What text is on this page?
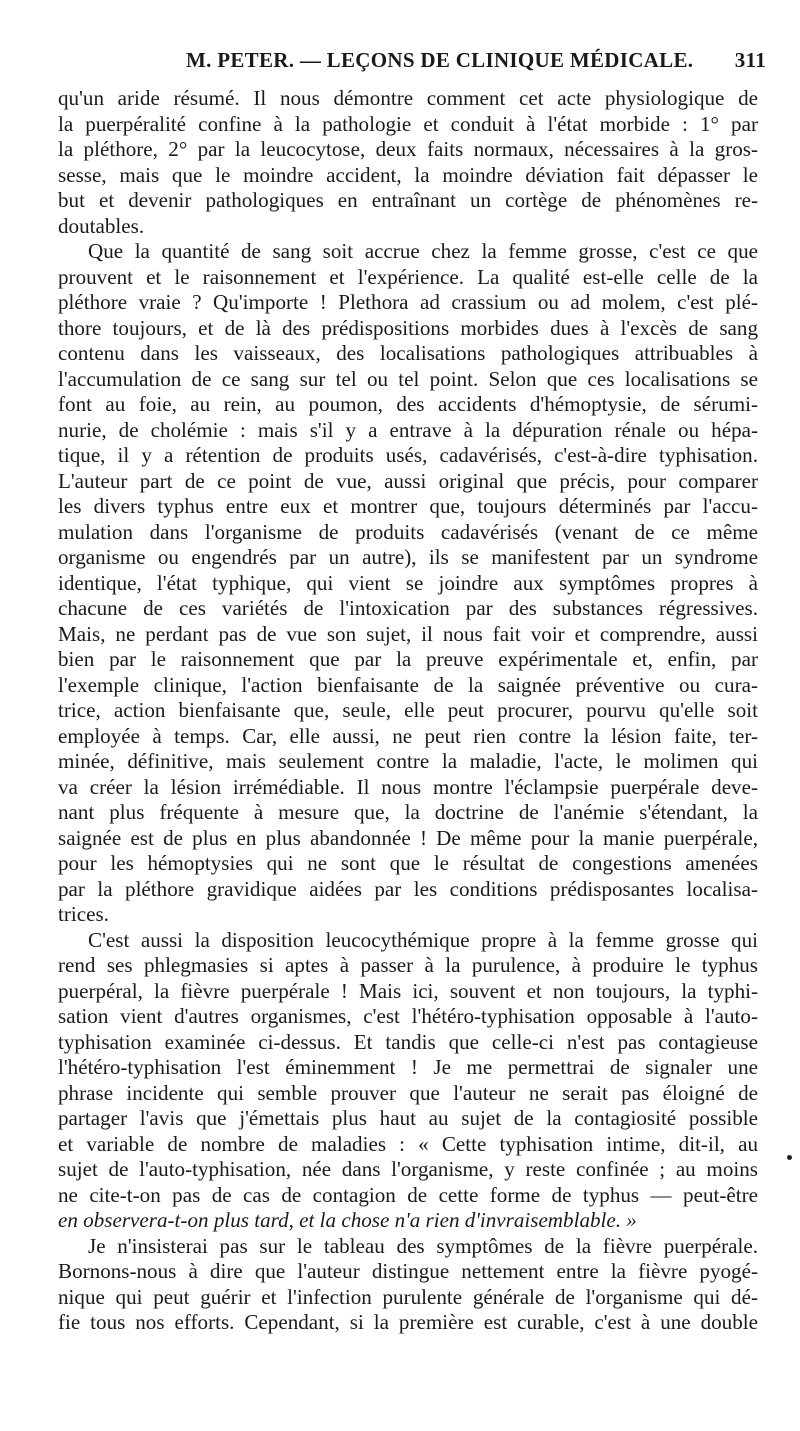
M. PETER. — LEÇONS DE CLINIQUE MÉDICALE. 311
qu'un aride résumé. Il nous démontre comment cet acte physiologique de
la puerpéralité confine à la pathologie et conduit à l'état morbide : 1° par
la pléthore, 2° par la leucocytose, deux faits normaux, nécessaires à la gros-
sesse, mais que le moindre accident, la moindre déviation fait dépasser le
but et devenir pathologiques en entraînant un cortège de phénomènes re-
doutables.
Que la quantité de sang soit accrue chez la femme grosse, c'est ce que
prouvent et le raisonnement et l'expérience. La qualité est-elle celle de la
pléthore vraie ? Qu'importe ! Plethora ad crassium ou ad molem, c'est plé-
thore toujours, et de là des prédispositions morbides dues à l'excès de sang
contenu dans les vaisseaux, des localisations pathologiques attribuables à
l'accumulation de ce sang sur tel ou tel point. Selon que ces localisations se
font au foie, au rein, au poumon, des accidents d'hémoptysie, de sérumi-
nurie, de cholémie : mais s'il y a entrave à la dépuration rénale ou hépa-
tique, il y a rétention de produits usés, cadavérisés, c'est-à-dire typhisation.
L'auteur part de ce point de vue, aussi original que précis, pour comparer
les divers typhus entre eux et montrer que, toujours déterminés par l'accu-
mulation dans l'organisme de produits cadavérisés (venant de ce même
organisme ou engendrés par un autre), ils se manifestent par un syndrome
identique, l'état typhique, qui vient se joindre aux symptômes propres à
chacune de ces variétés de l'intoxication par des substances régressives.
Mais, ne perdant pas de vue son sujet, il nous fait voir et comprendre, aussi
bien par le raisonnement que par la preuve expérimentale et, enfin, par
l'exemple clinique, l'action bienfaisante de la saignée préventive ou cura-
trice, action bienfaisante que, seule, elle peut procurer, pourvu qu'elle soit
employée à temps. Car, elle aussi, ne peut rien contre la lésion faite, ter-
minée, définitive, mais seulement contre la maladie, l'acte, le molimen qui
va créer la lésion irrémédiable. Il nous montre l'éclampsie puerpérale deve-
nant plus fréquente à mesure que, la doctrine de l'anémie s'étendant, la
saignée est de plus en plus abandonnée ! De même pour la manie puerpérale,
pour les hémoptysies qui ne sont que le résultat de congestions amenées
par la pléthore gravidique aidées par les conditions prédisposantes localisa-
trices.
C'est aussi la disposition leucocythémique propre à la femme grosse qui
rend ses phlegmasies si aptes à passer à la purulence, à produire le typhus
puerpéral, la fièvre puerpérale ! Mais ici, souvent et non toujours, la typhi-
sation vient d'autres organismes, c'est l'hétéro-typhisation opposable à l'auto-
typhisation examinée ci-dessus. Et tandis que celle-ci n'est pas contagieuse
l'hétéro-typhisation l'est éminemment ! Je me permettrai de signaler une
phrase incidente qui semble prouver que l'auteur ne serait pas éloigné de
partager l'avis que j'émettais plus haut au sujet de la contagiosité possible
et variable de nombre de maladies : « Cette typhisation intime, dit-il, au
sujet de l'auto-typhisation, née dans l'organisme, y reste confinée ; au moins
ne cite-t-on pas de cas de contagion de cette forme de typhus — peut-être
en observera-t-on plus tard, et la chose n'a rien d'invraisemblable. »
Je n'insisterai pas sur le tableau des symptômes de la fièvre puerpérale.
Bornons-nous à dire que l'auteur distingue nettement entre la fièvre pyogé-
nique qui peut guérir et l'infection purulente générale de l'organisme qui dé-
fie tous nos efforts. Cependant, si la première est curable, c'est à une double
